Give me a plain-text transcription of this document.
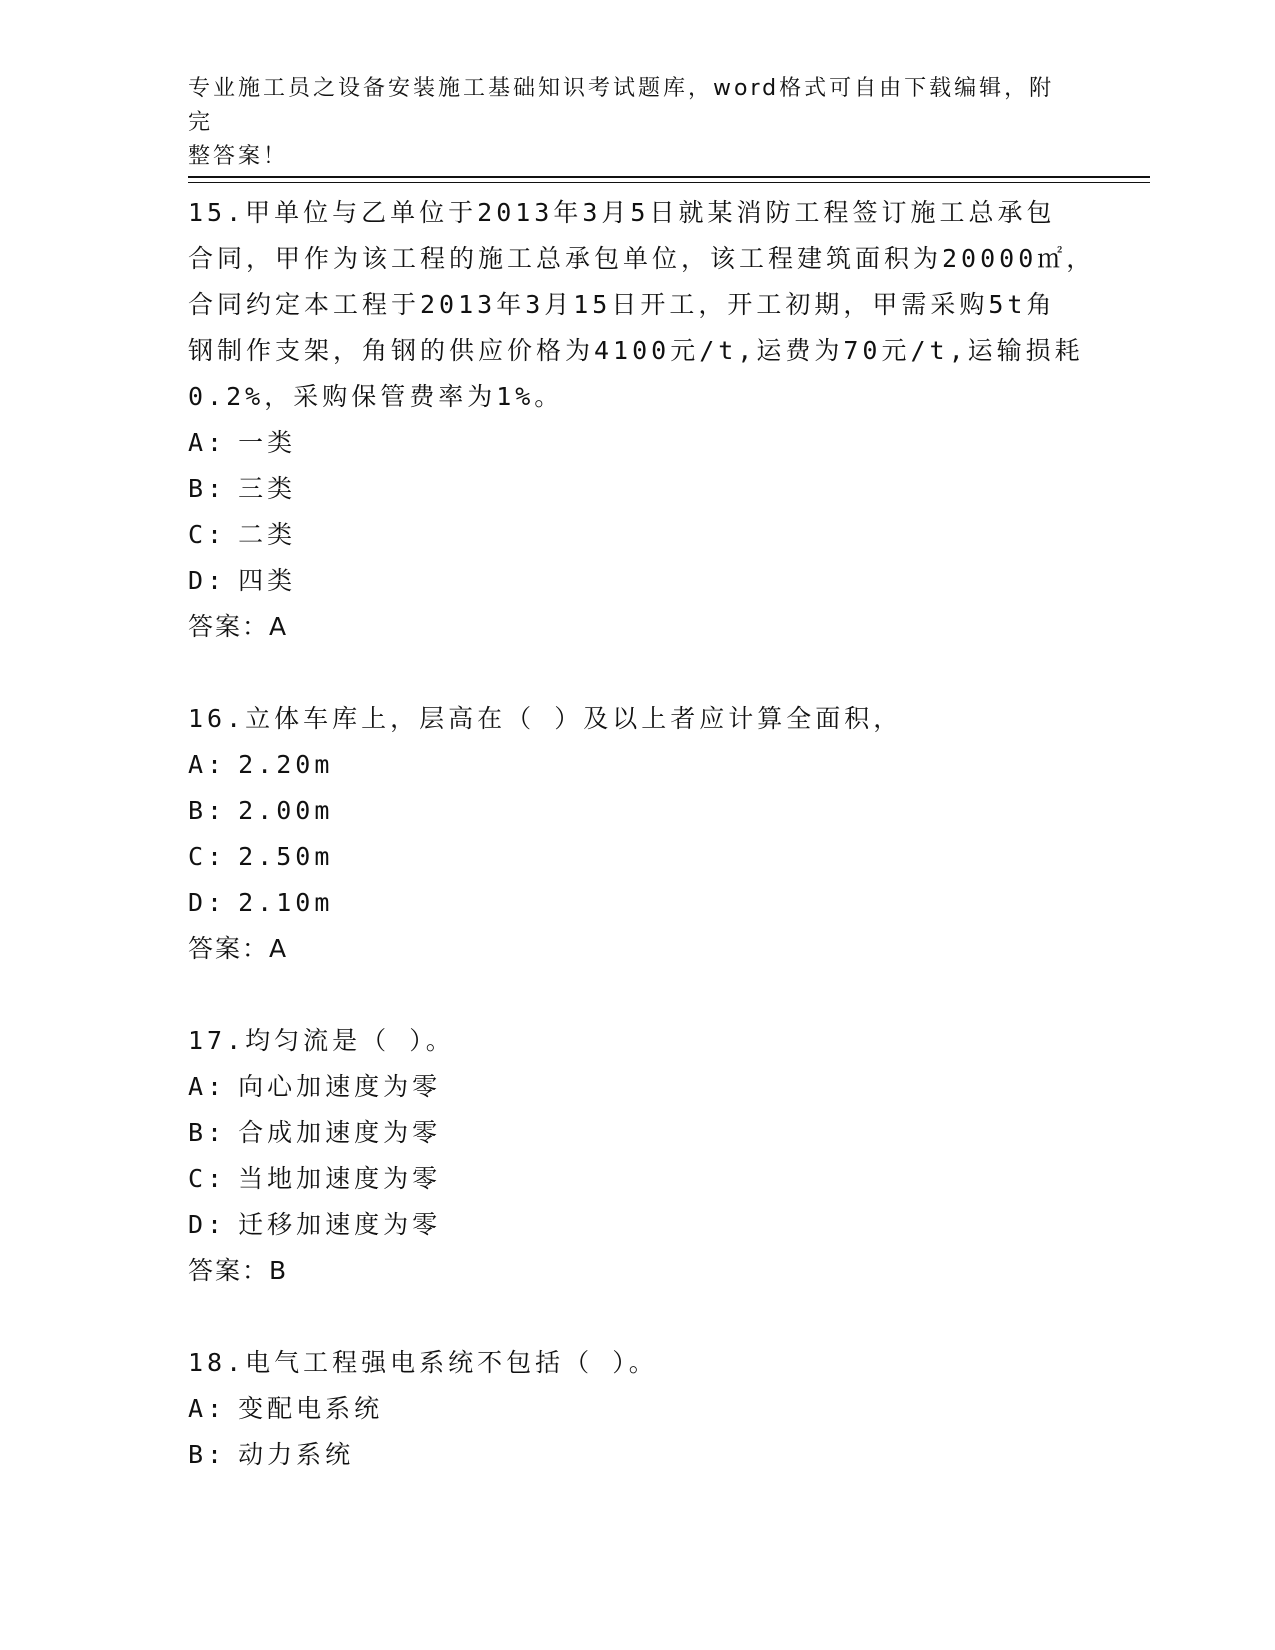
专业施工员之设备安装施工基础知识考试题库，word格式可自由下载编辑，附完
整答案！
15.甲单位与乙单位于2013年3月5日就某消防工程签订施工总承包
合同，甲作为该工程的施工总承包单位，该工程建筑面积为20000㎡，
合同约定本工程于2013年3月15日开工，开工初期，甲需采购5t角
钢制作支架，角钢的供应价格为4100元/t,运费为70元/t,运输损耗
0.2%，采购保管费率为1%。
A: 一类
B: 三类
C: 二类
D: 四类
答案：A
16.立体车库上，层高在（ ）及以上者应计算全面积，
A: 2.20m
B: 2.00m
C: 2.50m
D: 2.10m
答案：A
17.均匀流是（ ）。
A: 向心加速度为零
B: 合成加速度为零
C: 当地加速度为零
D: 迁移加速度为零
答案：B
18.电气工程强电系统不包括（ ）。
A: 变配电系统
B: 动力系统
